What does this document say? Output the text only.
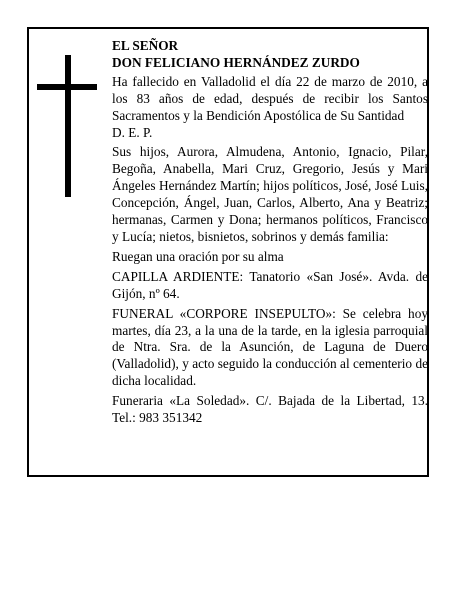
EL SEÑOR
DON FELICIANO HERNÁNDEZ ZURDO
Ha fallecido en Valladolid el día 22 de marzo de 2010, a los 83 años de edad, después de recibir los Santos Sacramentos y la Bendición Apostólica de Su Santidad
D. E. P.
Sus hijos, Aurora, Almudena, Antonio, Ignacio, Pilar, Begoña, Anabella, Mari Cruz, Gregorio, Jesús y Mari Ángeles Hernández Martín; hijos políticos, José, José Luis, Concepción, Ángel, Juan, Carlos, Alberto, Ana y Beatriz; hermanas, Carmen y Dona; hermanos políticos, Francisco y Lucía; nietos, bisnietos, sobrinos y demás familia:
Ruegan una oración por su alma
CAPILLA ARDIENTE: Tanatorio «San José». Avda. de Gijón, nº 64.
FUNERAL «CORPORE INSEPULTO»: Se celebra hoy martes, día 23, a la una de la tarde, en la iglesia parroquial de Ntra. Sra. de la Asunción, de Laguna de Duero (Valladolid), y acto seguido la conducción al cementerio de dicha localidad.
Funeraria «La Soledad». C/. Bajada de la Libertad, 13. Tel.: 983 351342
